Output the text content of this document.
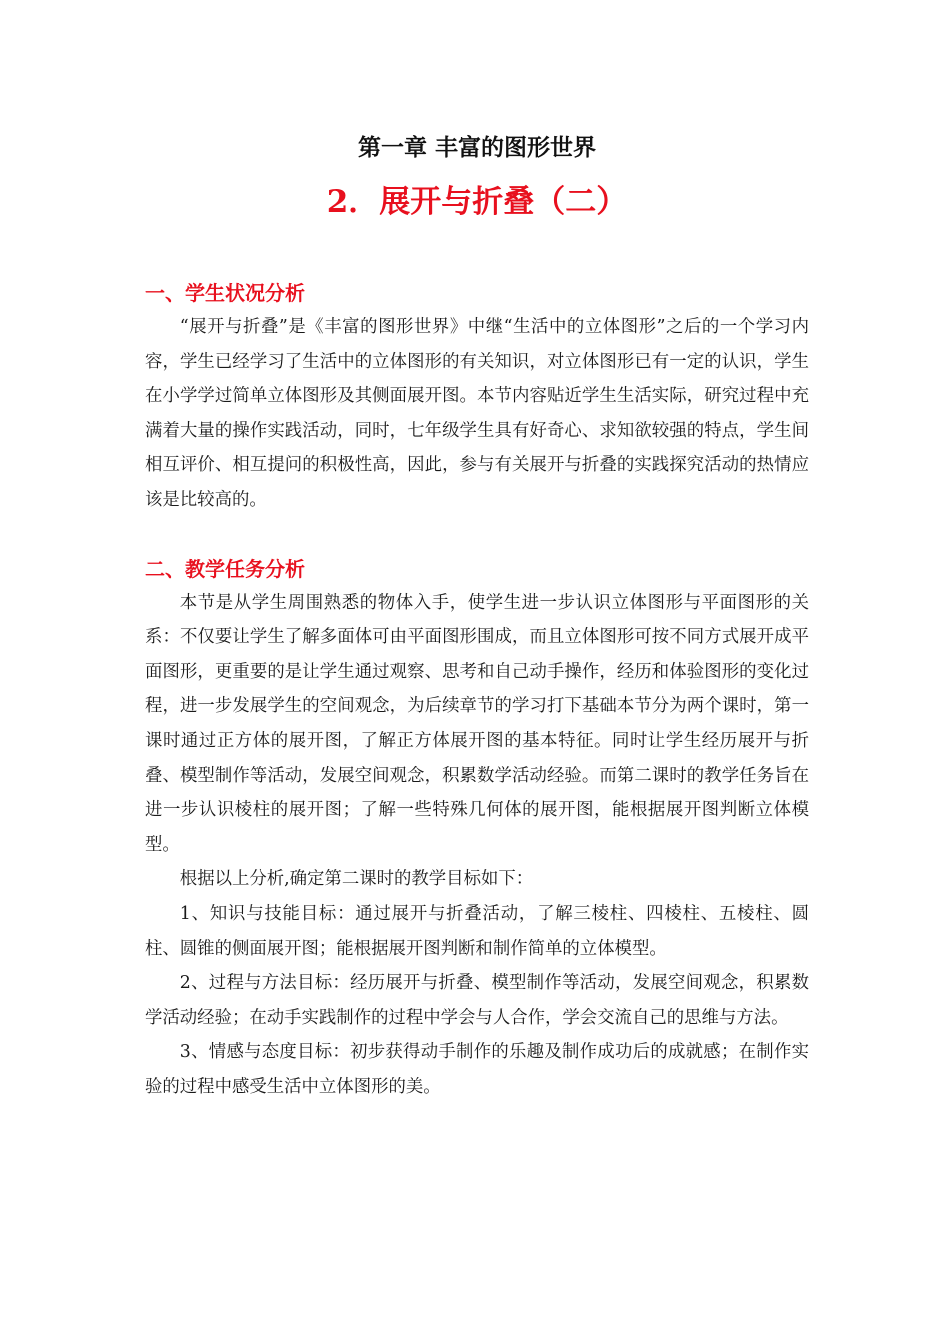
第一章 丰富的图形世界
2．展开与折叠（二）
一、学生状况分析

“展开与折叠”是《丰富的图形世界》中继“生活中的立体图形”之后的一个学习内容，学生已经学习了生活中的立体图形的有关知识，对立体图形已有一定的认识，学生在小学学过简单立体图形及其侧面展开图。本节内容贴近学生生活实际，研究过程中充满着大量的操作实践活动，同时，七年级学生具有好奇心、求知欲较强的特点，学生间相互评价、相互提问的积极性高，因此，参与有关展开与折叠的实践探究活动的热情应该是比较高的。

二、教学任务分析

本节是从学生周围熟悉的物体入手，使学生进一步认识立体图形与平面图形的关系：不仅要让学生了解多面体可由平面图形围成，而且立体图形可按不同方式展开成平面图形，更重要的是让学生通过观察、思考和自己动手操作，经历和体验图形的变化过程，进一步发展学生的空间观念，为后续章节的学习打下基础本节分为两个课时，第一课时通过正方体的展开图，了解正方体展开图的基本特征。同时让学生经历展开与折叠、模型制作等活动，发展空间观念，积累数学活动经验。而第二课时的教学任务旨在进一步认识棱柱的展开图；了解一些特殊几何体的展开图，能根据展开图判断立体模型。

根据以上分析,确定第二课时的教学目标如下：

1、知识与技能目标：通过展开与折叠活动，了解三棱柱、四棱柱、五棱柱、圆柱、圆锥的侧面展开图；能根据展开图判断和制作简单的立体模型。

2、过程与方法目标：经历展开与折叠、模型制作等活动，发展空间观念，积累数学活动经验；在动手实践制作的过程中学会与人合作，学会交流自己的思维与方法。

3、情感与态度目标：初步获得动手制作的乐趣及制作成功后的成就感；在制作实验的过程中感受生活中立体图形的美。
